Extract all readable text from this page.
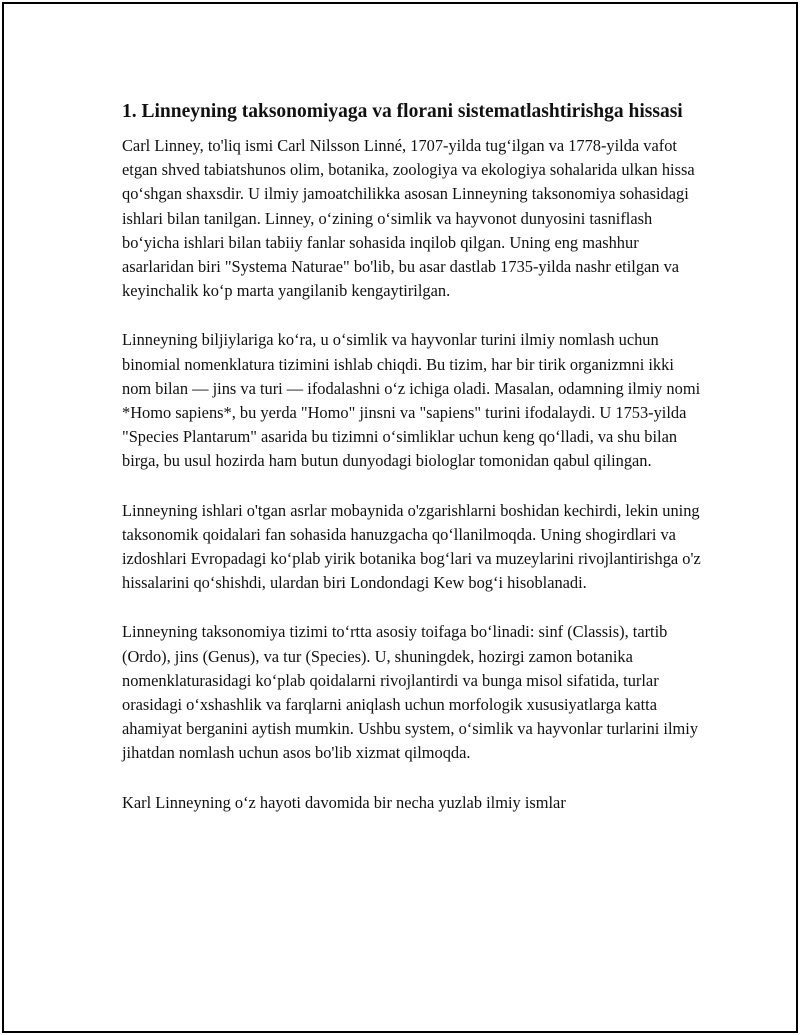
1. Linneyning taksonomiyaga va florani sistematlashtirishga hissasi

Carl Linney, to'liq ismi Carl Nilsson Linné, 1707-yilda tug‘ilgan va 1778-yilda vafot etgan shved tabiatshunos olim, botanika, zoologiya va ekologiya sohalarida ulkan hissa qo‘shgan shaxsdir. U ilmiy jamoatchilikka asosan Linneyning taksonomiya sohasidagi ishlari bilan tanilgan. Linney, o‘zining o‘simlik va hayvonot dunyosini tasniflash bo‘yicha ishlari bilan tabiiy fanlar sohasida inqilob qilgan. Uning eng mashhur asarlaridan biri "Systema Naturae" bo'lib, bu asar dastlab 1735-yilda nashr etilgan va keyinchalik ko‘p marta yangilanib kengaytirilgan.

Linneyning biljiylariga ko‘ra, u o‘simlik va hayvonlar turini ilmiy nomlash uchun binomial nomenklatura tizimini ishlab chiqdi. Bu tizim, har bir tirik organizmni ikki nom bilan — jins va turi — ifodalashni o‘z ichiga oladi. Masalan, odamning ilmiy nomi *Homo sapiens*, bu yerda "Homo" jinsni va "sapiens" turini ifodalaydi. U 1753-yilda "Species Plantarum" asarida bu tizimni o‘simliklar uchun keng qo‘lladi, va shu bilan birga, bu usul hozirda ham butun dunyodagi biologlar tomonidan qabul qilingan.

Linneyning ishlari o'tgan asrlar mobaynida o'zgarishlarni boshidan kechirdi, lekin uning taksonomik qoidalari fan sohasida hanuzgacha qo‘llanilmoqda. Uning shogirdlari va izdoshlari Evropadagi ko‘plab yirik botanika bog‘lari va muzeylarini rivojlantirishga o'z hissalarini qo‘shishdi, ulardan biri Londondagi Kew bog‘i hisoblanadi.

Linneyning taksonomiya tizimi to‘rtta asosiy toifaga bo‘linadi: sinf (Classis), tartib (Ordo), jins (Genus), va tur (Species). U, shuningdek, hozirgi zamon botanika nomenklaturasidagi ko‘plab qoidalarni rivojlantirdi va bunga misol sifatida, turlar orasidagi o‘xshashlik va farqlarni aniqlash uchun morfologik xususiyatlarga katta ahamiyat berganini aytish mumkin. Ushbu system, o‘simlik va hayvonlar turlarini ilmiy jihatdan nomlash uchun asos bo'lib xizmat qilmoqda.

Karl Linneyning o‘z hayoti davomida bir necha yuzlab ilmiy ismlar
